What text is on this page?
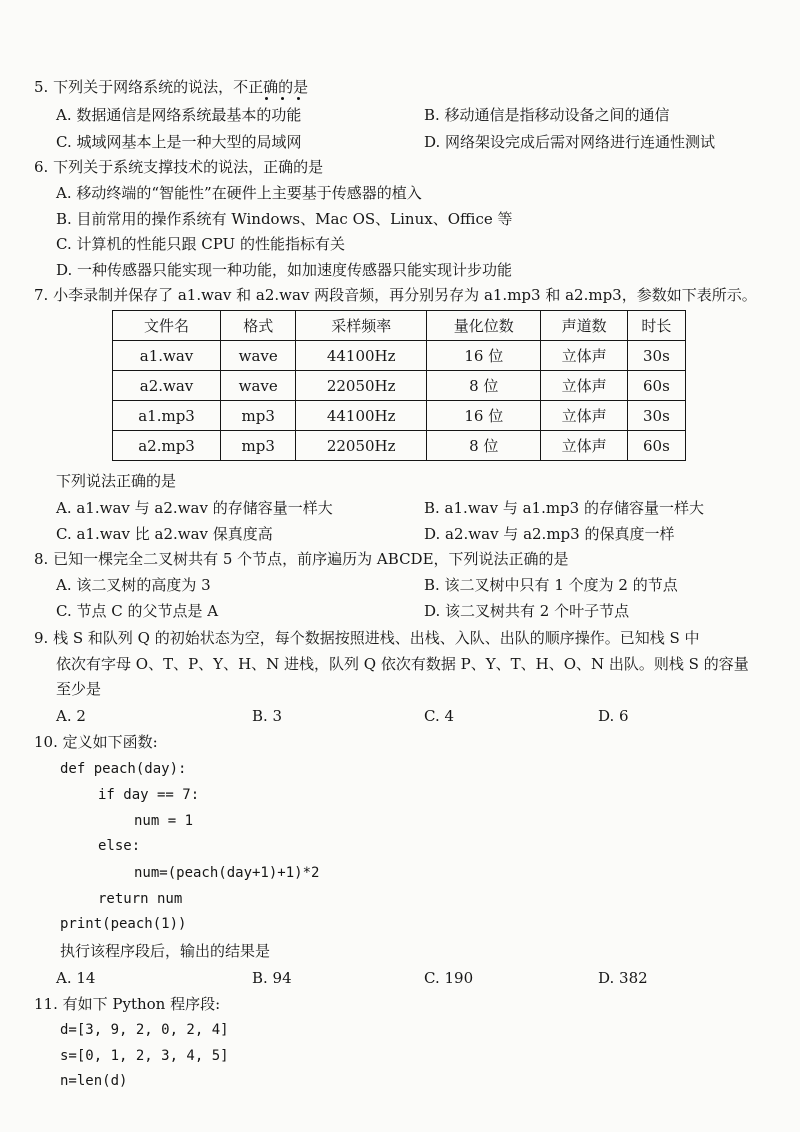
5. 下列关于网络系统的说法，不正确的是
A. 数据通信是网络系统最基本的功能	B. 移动通信是指移动设备之间的通信
C. 城域网基本上是一种大型的局域网	D. 网络架设完成后需对网络进行连通性测试
6. 下列关于系统支撑技术的说法，正确的是
A. 移动终端的“智能性”在硬件上主要基于传感器的植入
B. 目前常用的操作系统有 Windows、Mac OS、Linux、Office 等
C. 计算机的性能只跟 CPU 的性能指标有关
D. 一种传感器只能实现一种功能，如加速度传感器只能实现计步功能
7. 小李录制并保存了 a1.wav 和 a2.wav 两段音频，再分别另存为 a1.mp3 和 a2.mp3，参数如下表所示。
文件名	格式	采样频率	量化位数	声道数	时长
a1.wav	wave	44100Hz	16 位	立体声	30s
a2.wav	wave	22050Hz	8 位	立体声	60s
a1.mp3	mp3	44100Hz	16 位	立体声	30s
a2.mp3	mp3	22050Hz	8 位	立体声	60s
下列说法正确的是
A. a1.wav 与 a2.wav 的存储容量一样大	B. a1.wav 与 a1.mp3 的存储容量一样大
C. a1.wav 比 a2.wav 保真度高	D. a2.wav 与 a2.mp3 的保真度一样
8. 已知一棵完全二叉树共有 5 个节点，前序遍历为 ABCDE，下列说法正确的是
A. 该二叉树的高度为 3	B. 该二叉树中只有 1 个度为 2 的节点
C. 节点 C 的父节点是 A	D. 该二叉树共有 2 个叶子节点
9. 栈 S 和队列 Q 的初始状态为空，每个数据按照进栈、出栈、入队、出队的顺序操作。已知栈 S 中
依次有字母 O、T、P、Y、H、N 进栈，队列 Q 依次有数据 P、Y、T、H、O、N 出队。则栈 S 的容量
至少是
A. 2	B. 3	C. 4	D. 6
10. 定义如下函数:
def peach(day):
if day == 7:
num = 1
else:
num=(peach(day+1)+1)*2
return num
print(peach(1))
执行该程序段后，输出的结果是
A. 14	B. 94	C. 190	D. 382
11. 有如下 Python 程序段:
d=[3, 9, 2, 0, 2, 4]
s=[0, 1, 2, 3, 4, 5]
n=len(d)
